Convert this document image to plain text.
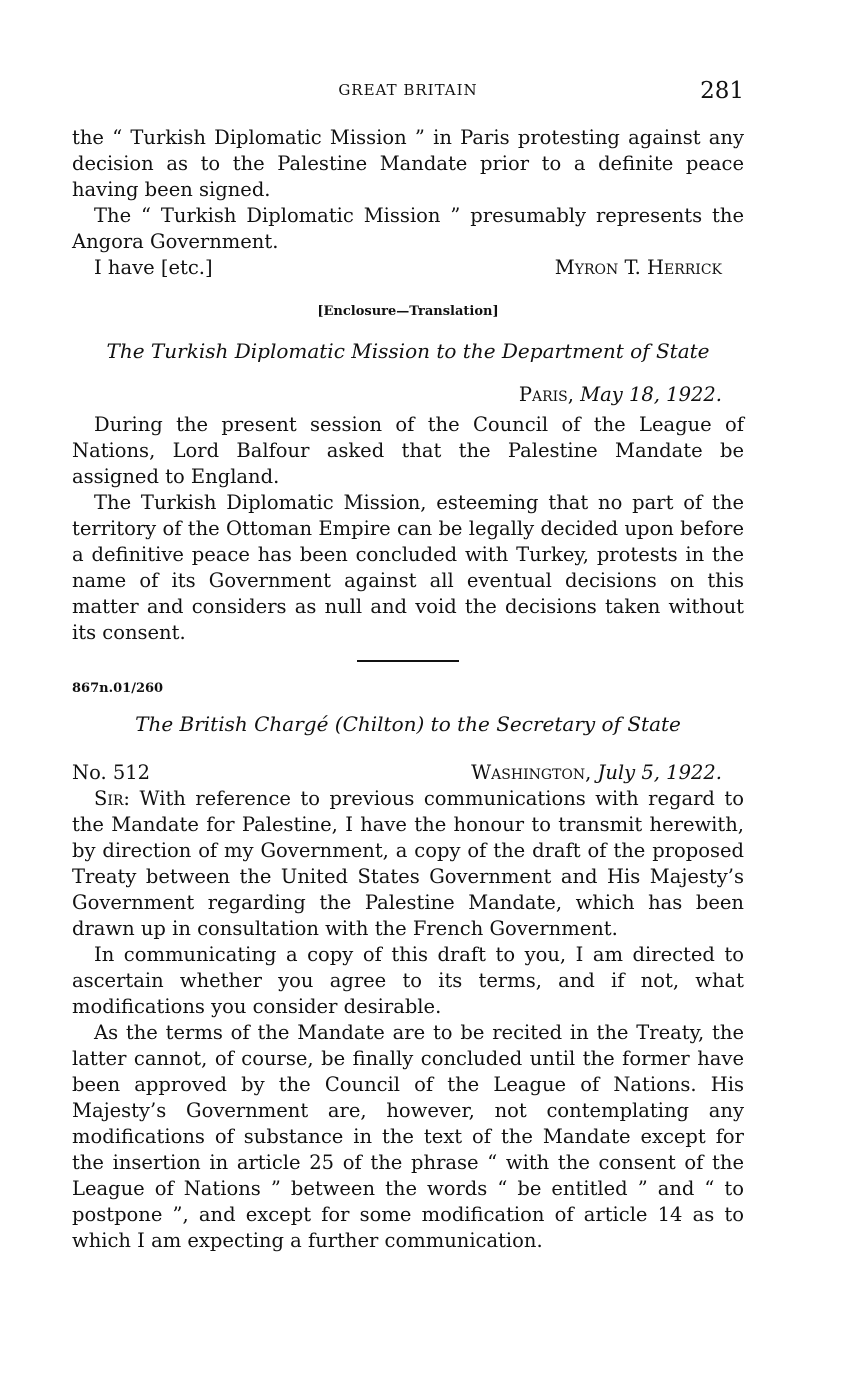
GREAT BRITAIN	281

the “ Turkish Diplomatic Mission ” in Paris protesting against any decision as to the Palestine Mandate prior to a definite peace having been signed.

The “ Turkish Diplomatic Mission ” presumably represents the Angora Government.

I have [etc.]	Myron T. Herrick
[Enclosure—Translation]
The Turkish Diplomatic Mission to the Department of State
Paris, May 18, 1922.

During the present session of the Council of the League of Nations, Lord Balfour asked that the Palestine Mandate be assigned to England.

The Turkish Diplomatic Mission, esteeming that no part of the territory of the Ottoman Empire can be legally decided upon before a definitive peace has been concluded with Turkey, protests in the name of its Government against all eventual decisions on this matter and considers as null and void the decisions taken without its consent.

867n.01/260
The British Chargé (Chilton) to the Secretary of State
No. 512	Washington, July 5, 1922.

Sir: With reference to previous communications with regard to the Mandate for Palestine, I have the honour to transmit herewith, by direction of my Government, a copy of the draft of the proposed Treaty between the United States Government and His Majesty’s Government regarding the Palestine Mandate, which has been drawn up in consultation with the French Government.

In communicating a copy of this draft to you, I am directed to ascertain whether you agree to its terms, and if not, what modifications you consider desirable.

As the terms of the Mandate are to be recited in the Treaty, the latter cannot, of course, be finally concluded until the former have been approved by the Council of the League of Nations. His Majesty’s Government are, however, not contemplating any modifications of substance in the text of the Mandate except for the insertion in article 25 of the phrase “ with the consent of the League of Nations ” between the words “ be entitled ” and “ to postpone ”, and except for some modification of article 14 as to which I am expecting a further communication.
